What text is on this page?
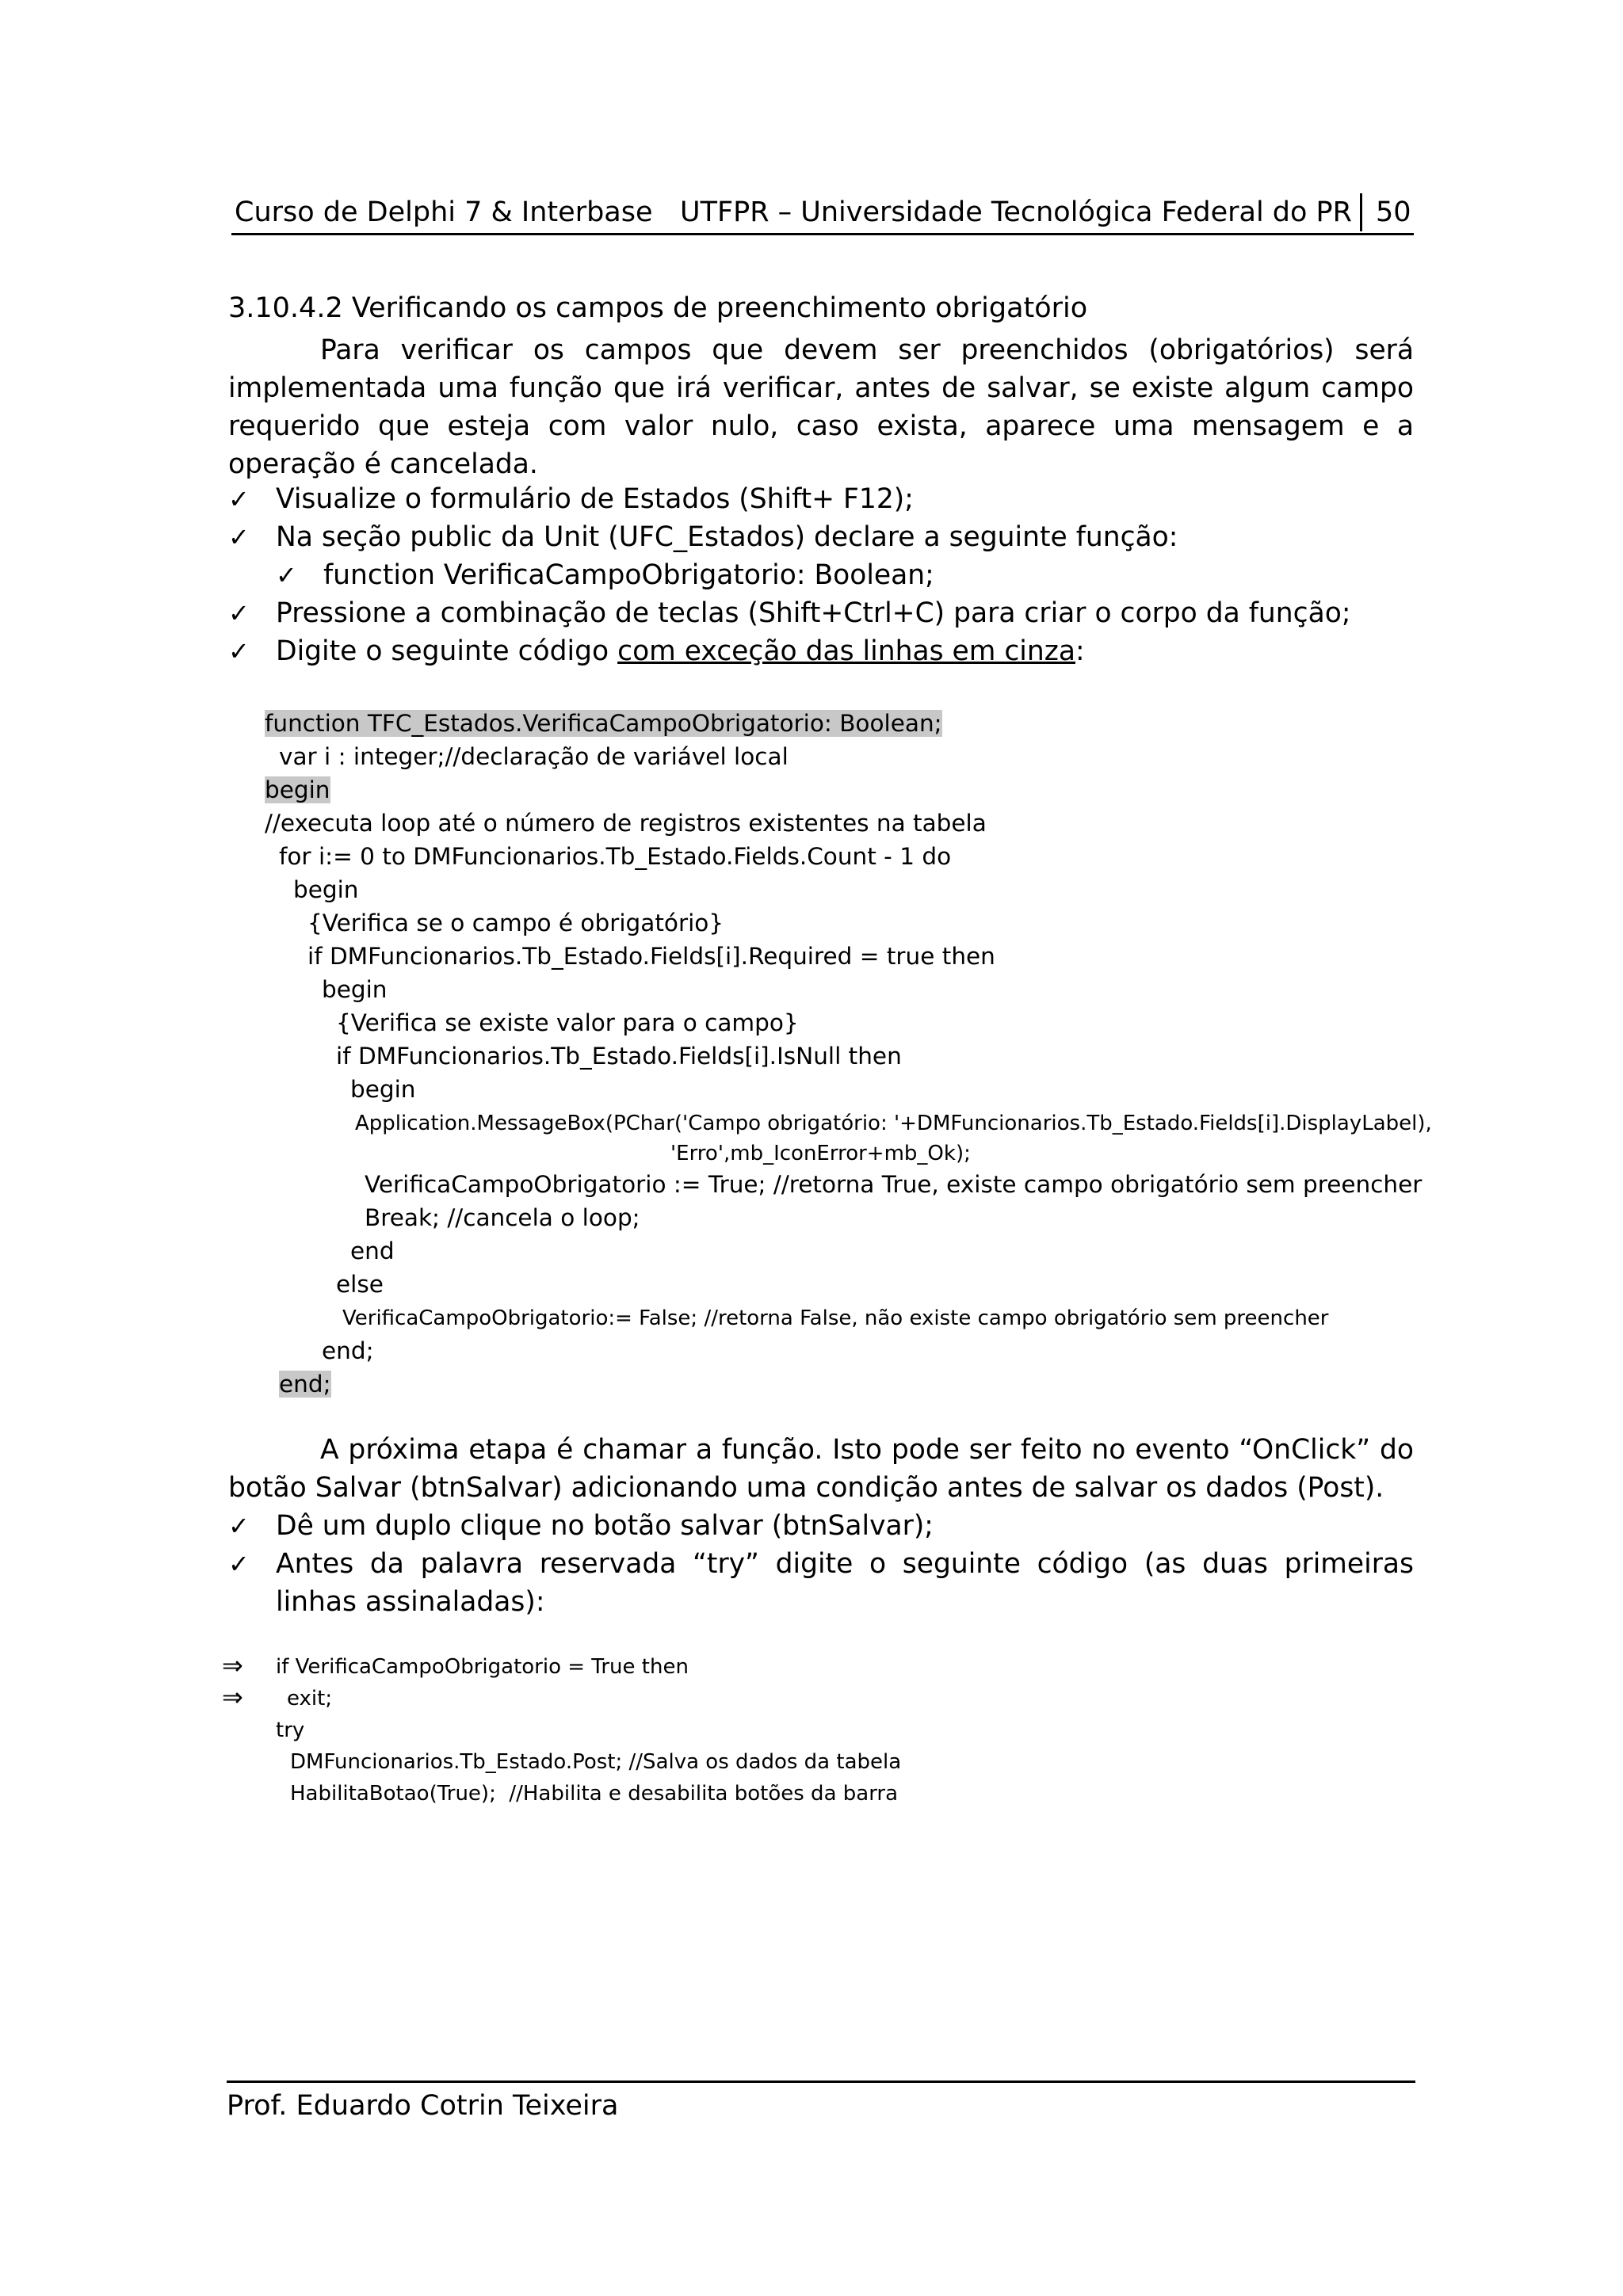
Curso de Delphi 7 & Interbase UTFPR – Universidade Tecnológica Federal do PR 50
3.10.4.2 Verificando os campos de preenchimento obrigatório
Para verificar os campos que devem ser preenchidos (obrigatórios) será implementada uma função que irá verificar, antes de salvar, se existe algum campo requerido que esteja com valor nulo, caso exista, aparece uma mensagem e a operação é cancelada.
✓ Visualize o formulário de Estados (Shift+ F12);
✓ Na seção public da Unit (UFC_Estados) declare a seguinte função:
✓ function VerificaCampoObrigatorio: Boolean;
✓ Pressione a combinação de teclas (Shift+Ctrl+C) para criar o corpo da função;
✓ Digite o seguinte código com exceção das linhas em cinza:
function TFC_Estados.VerificaCampoObrigatorio: Boolean;
var i : integer;//declaração de variável local
begin
//executa loop até o número de registros existentes na tabela
for i:= 0 to DMFuncionarios.Tb_Estado.Fields.Count - 1 do
begin
{Verifica se o campo é obrigatório}
if DMFuncionarios.Tb_Estado.Fields[i].Required = true then
begin
{Verifica se existe valor para o campo}
if DMFuncionarios.Tb_Estado.Fields[i].IsNull then
begin
Application.MessageBox(PChar('Campo obrigatório: '+DMFuncionarios.Tb_Estado.Fields[i].DisplayLabel),
'Erro',mb_IconError+mb_Ok);
VerificaCampoObrigatorio := True; //retorna True, existe campo obrigatório sem preencher
Break; //cancela o loop;
end
else
VerificaCampoObrigatorio:= False; //retorna False, não existe campo obrigatório sem preencher
end;
end;
A próxima etapa é chamar a função. Isto pode ser feito no evento “OnClick” do botão Salvar (btnSalvar) adicionando uma condição antes de salvar os dados (Post).
✓ Dê um duplo clique no botão salvar (btnSalvar);
✓ Antes da palavra reservada “try” digite o seguinte código (as duas primeiras linhas assinaladas):
⇒ if VerificaCampoObrigatorio = True then
⇒ exit;
try
DMFuncionarios.Tb_Estado.Post; //Salva os dados da tabela
HabilitaBotao(True);  //Habilita e desabilita botões da barra
Prof. Eduardo Cotrin Teixeira
